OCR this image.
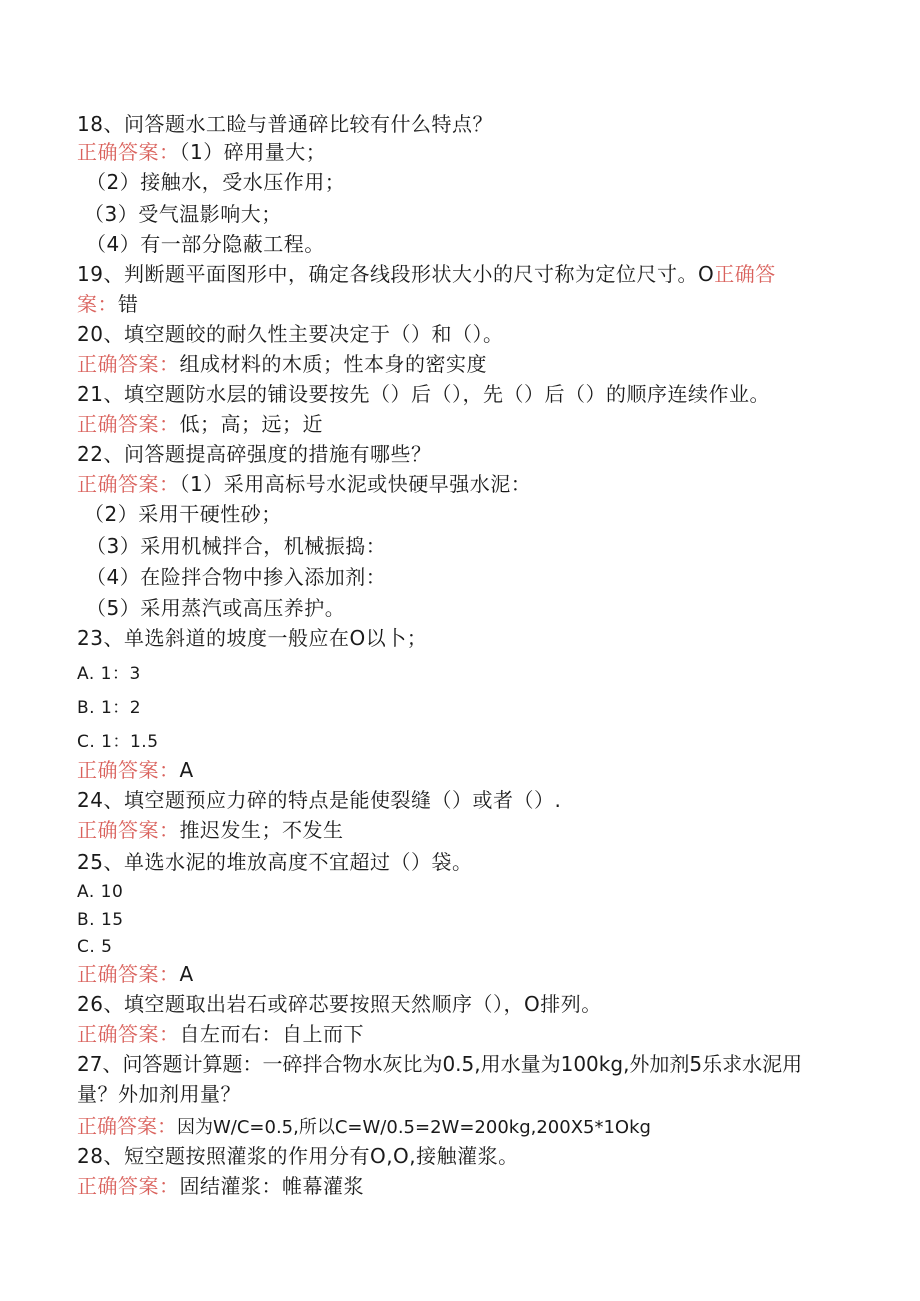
18、问答题水工睑与普通碎比较有什么特点？
正确答案：（1）碎用量大；
（2）接触水，受水压作用；
（3）受气温影响大；
（4）有一部分隐蔽工程。
19、判断题平面图形中，确定各线段形状大小的尺寸称为定位尺寸。O正确答
案：错
20、填空题皎的耐久性主要决定于（）和（）。
正确答案：组成材料的木质；性本身的密实度
21、填空题防水层的铺设要按先（）后（），先（）后（）的顺序连续作业。
正确答案：低；高；远；近
22、问答题提高碎强度的措施有哪些？
正确答案：（1）采用高标号水泥或快硬早强水泥：
（2）采用干硬性砂；
（3）采用机械拌合，机械振捣：
（4）在险拌合物中掺入添加剂：
（5）采用蒸汽或高压养护。
23、单选斜道的坡度一般应在O以卜；
A. 1：3
B. 1：2
C. 1：1.5
正确答案：A
24、填空题预应力碎的特点是能使裂缝（）或者（）.
正确答案：推迟发生；不发生
25、单选水泥的堆放高度不宜超过（）袋。
A. 10
B. 15
C. 5
正确答案：A
26、填空题取出岩石或碎芯要按照天然顺序（），O排列。
正确答案：自左而右：自上而下
27、问答题计算题：一碎拌合物水灰比为0.5,用水量为100kg,外加剂5乐求水泥用
量？外加剂用量？
正确答案：因为W/C=0.5,所以C=W/0.5=2W=200kg,200X5*1Okg
28、短空题按照灌浆的作用分有O,O,接触灌浆。
正确答案：固结灌浆：帷幕灌浆
